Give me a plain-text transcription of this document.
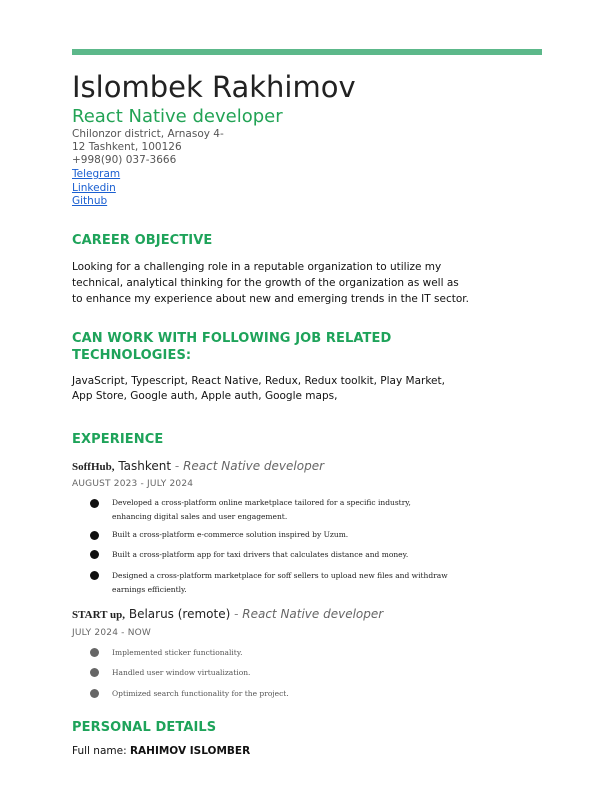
Islombek Rakhimov
React Native developer
Chilonzor district, Arnasoy 4-
12 Tashkent, 100126
+998(90) 037-3666
Telegram
Linkedin
Github
CAREER OBJECTIVE
Looking for a challenging role in a reputable organization to utilize my
technical, analytical thinking for the growth of the organization as well as
to enhance my experience about new and emerging trends in the IT sector.
CAN WORK WITH FOLLOWING JOB RELATED
TECHNOLOGIES:
JavaScript, Typescript, React Native, Redux, Redux toolkit, Play Market,
App Store, Google auth, Apple auth, Google maps,
EXPERIENCE
SoffHub, Tashkent - React Native developer
AUGUST 2023 - JULY 2024
Developed a cross-platform online marketplace tailored for a specific industry,
enhancing digital sales and user engagement.
Built a cross-platform e-commerce solution inspired by Uzum.
Built a cross-platform app for taxi drivers that calculates distance and money.
Designed a cross-platform marketplace for soff sellers to upload new files and withdraw
earnings efficiently.
START up, Belarus (remote) - React Native developer
JULY 2024 - NOW
Implemented sticker functionality.
Handled user window virtualization.
Optimized search functionality for the project.
PERSONAL DETAILS
Full name: RAHIMOV ISLOMBER
